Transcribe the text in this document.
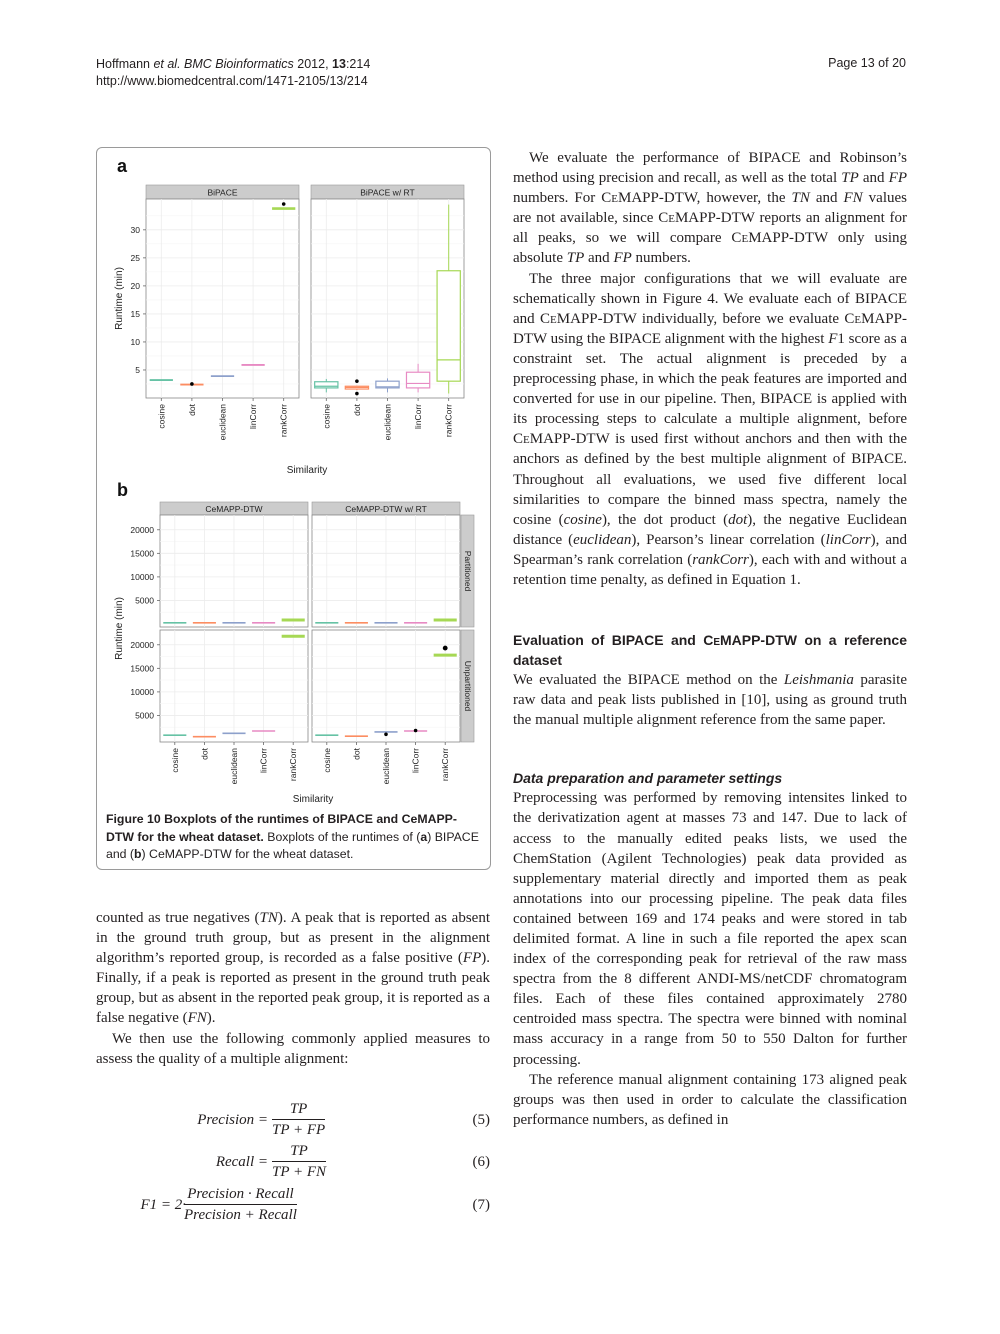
Hoffmann et al. BMC Bioinformatics 2012, 13:214
http://www.biomedcentral.com/1471-2105/13/214
Page 13 of 20
a
BiPACE
cosine dot euclidean linCorr rankCorr
BiPACE w/ RT
cosine dot euclidean linCorr rankCorr
5
10
15
20
25
30
Runtime (min)
Similarity
b
CeMAPP-DTW	CeMAPP-DTW w/ RT
Partitioned
Unpartitioned
cosine dot euclidean linCorr rankCorr	cosine dot euclidean linCorr rankCorr
5000
10000
15000
20000
5000
10000
15000
20000
Runtime (min)
Similarity
Figure 10 Boxplots of the runtimes of BIPACE and CeMAPP-DTW for the wheat dataset. Boxplots of the runtimes of (a) BIPACE and (b) CeMAPP-DTW for the wheat dataset.

counted as true negatives (TN). A peak that is reported as absent in the ground truth group, but as present in the alignment algorithm’s reported group, is recorded as a false positive (FP). Finally, if a peak is reported as present in the ground truth peak group, but as absent in the reported peak group, it is reported as a false negative (FN).

We then use the following commonly applied measures to assess the quality of a multiple alignment:

Precision = $\frac{TP}{TP + FP}$	(5)
Recall = $\frac{TP}{TP + FN}$	(6)
F1 = 2·
Precision · Recall
Precision + Recall
(7)

We evaluate the performance of BIPACE and Robinson’s method using precision and recall, as well as the total TP and FP numbers. For CeMAPP-DTW, however, the TN and FN values are not available, since CeMAPP-DTW reports an alignment for all peaks, so we will compare CeMAPP-DTW only using absolute TP and FP numbers.

The three major configurations that we will evaluate are schematically shown in Figure 4. We evaluate each of BIPACE and CeMAPP-DTW individually, before we evaluate CeMAPP-DTW using the BIPACE alignment with the highest F1 score as a constraint set. The actual alignment is preceded by a preprocessing phase, in which the peak features are imported and converted for use in our pipeline. Then, BIPACE is applied with its processing steps to calculate a multiple alignment, before CeMAPP-DTW is used first without anchors and then with the anchors as defined by the best multiple alignment of BIPACE. Throughout all evaluations, we used five different local similarities to compare the binned mass spectra, namely the cosine (cosine), the dot product (dot), the negative Euclidean distance (euclidean), Pearson’s linear correlation (linCorr), and Spearman’s rank correlation (rankCorr), each with and without a retention time penalty, as defined in Equation 1.

Evaluation of BIPACE and CeMAPP-DTW on a reference dataset

We evaluated the BIPACE method on the Leishmania parasite raw data and peak lists published in [10], using as ground truth the manual multiple alignment reference from the same paper.

Data preparation and parameter settings

Preprocessing was performed by removing intensites linked to the derivatization agent at masses 73 and 147. Due to lack of access to the manually edited peaks lists, we used the ChemStation (Agilent Technologies) peak data provided as supplementary material directly and imported them as peak annotations into our processing pipeline. The peak data files contained between 169 and 174 peaks and were stored in tab delimited format. A line in such a file reported the apex scan index of the corresponding peak for retrieval of the raw mass spectra from the 8 different ANDI-MS/netCDF chromatogram files. Each of these files contained approximately 2780 centroided mass spectra. The spectra were binned with nominal mass accuracy in a range from 50 to 550 Dalton for further processing.

The reference manual alignment containing 173 aligned peak groups was then used in order to calculate the classification performance numbers, as defined in
